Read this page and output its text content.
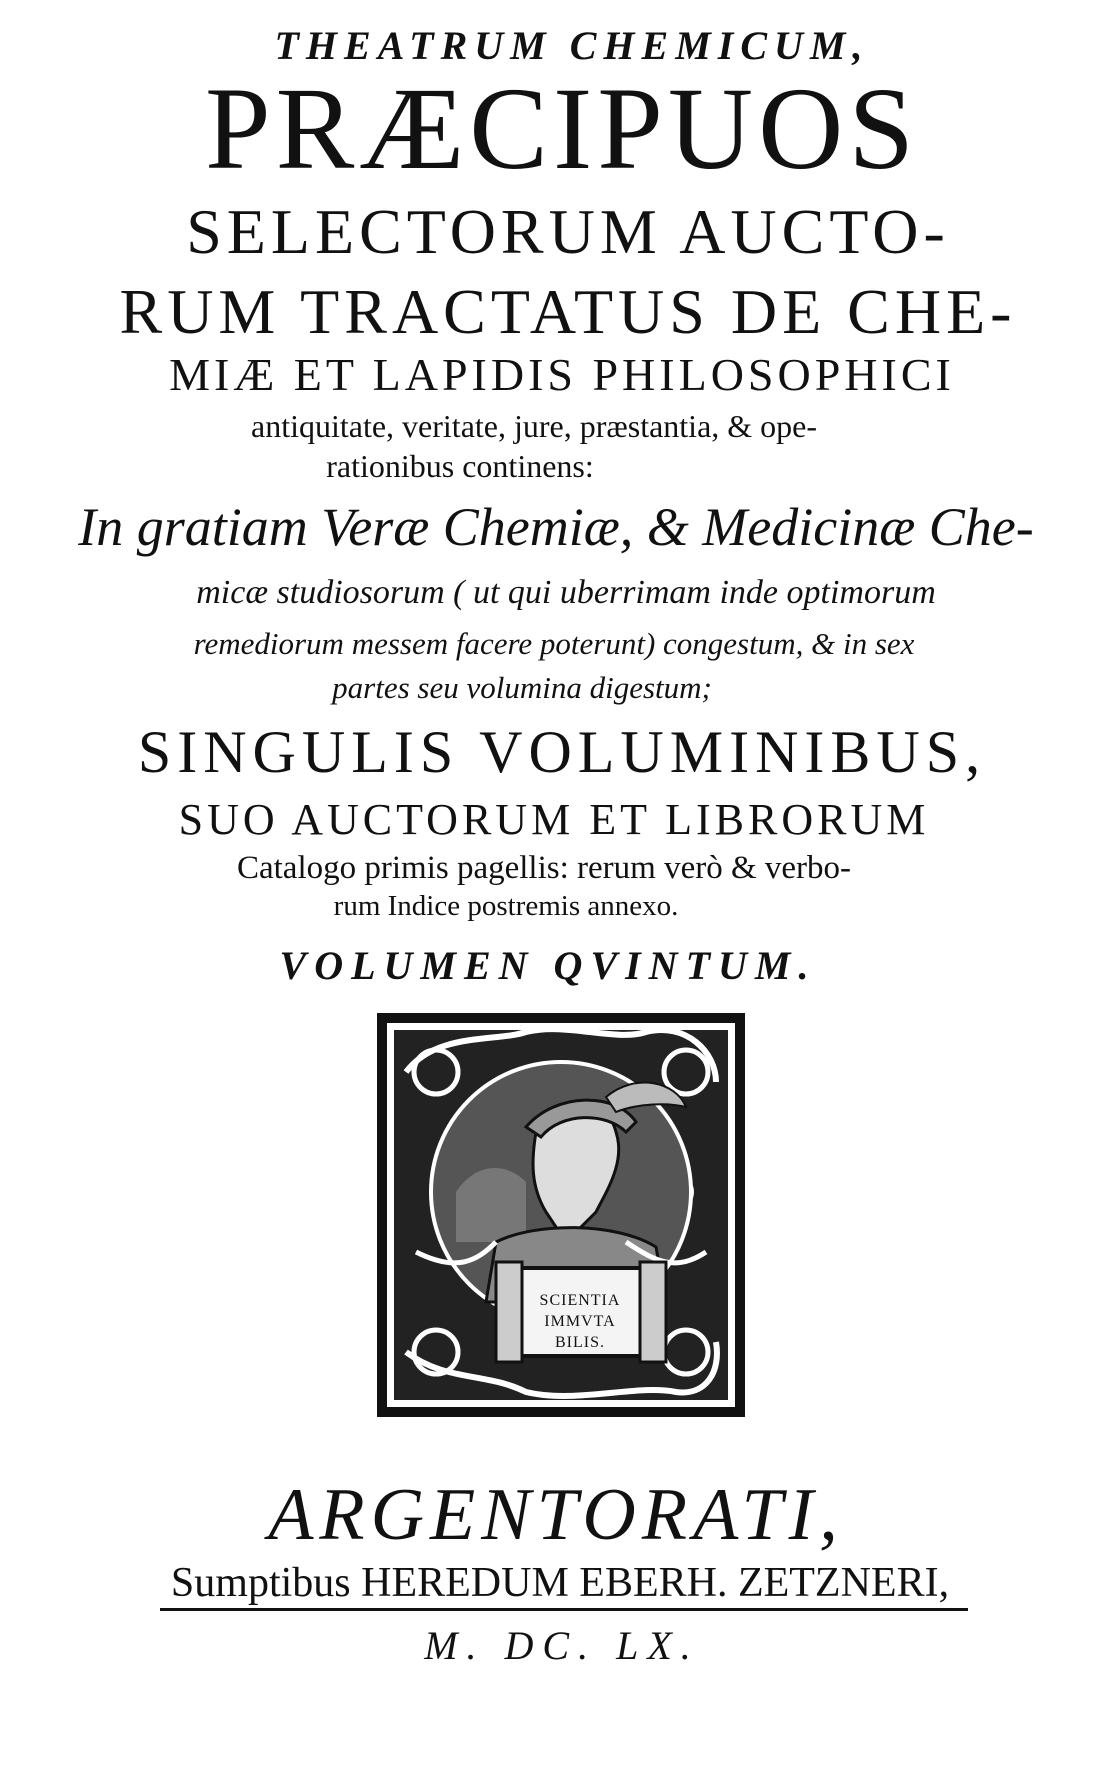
THEATRUM CHEMICUM,
PRÆCIPUOS
SELECTORUM AUCTO-
RUM TRACTATUS DE CHE-
MIÆ ET LAPIDIS PHILOSOPHICI
antiquitate, veritate, jure, præstantia, & ope-
rationibus continens:
In gratiam Veræ Chemiæ, & Medicinæ Che-
micæ studiosorum ( ut qui uberrimam inde optimorum
remediorum messem facere poterunt) congestum, & in sex
partes seu volumina digestum;
SINGULIS VOLUMINIBUS,
SUO AUCTORUM ET LIBRORUM
Catalogo primis pagellis: rerum verò & verbo-
rum Indice postremis annexo.
VOLUMEN QVINTUM.
SCIENTIA
IMMVTA
BILIS.
ARGENTORATI,
Sumptibus HEREDUM EBERH. ZETZNERI,
M. DC. LX.
